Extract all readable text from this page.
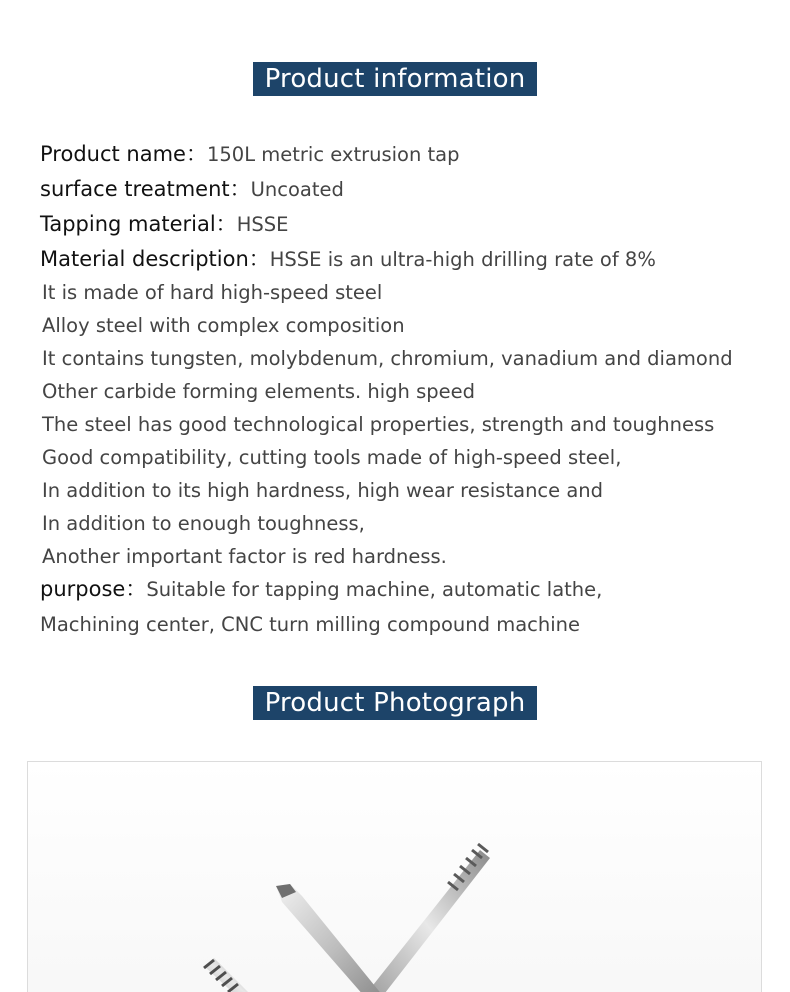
Product information
Product name：150L metric extrusion tap
surface treatment：Uncoated
Tapping material：HSSE
Material description：HSSE is an ultra-high drilling rate of 8%
It is made of hard high-speed steel
Alloy steel with complex composition
It contains tungsten, molybdenum, chromium, vanadium and diamond
Other carbide forming elements. high speed
The steel has good technological properties, strength and toughness
Good compatibility, cutting tools made of high-speed steel,
In addition to its high hardness, high wear resistance and
In addition to enough toughness,
Another important factor is red hardness.
purpose：Suitable for tapping machine, automatic lathe,
Machining center, CNC turn milling compound machine
Product Photograph
